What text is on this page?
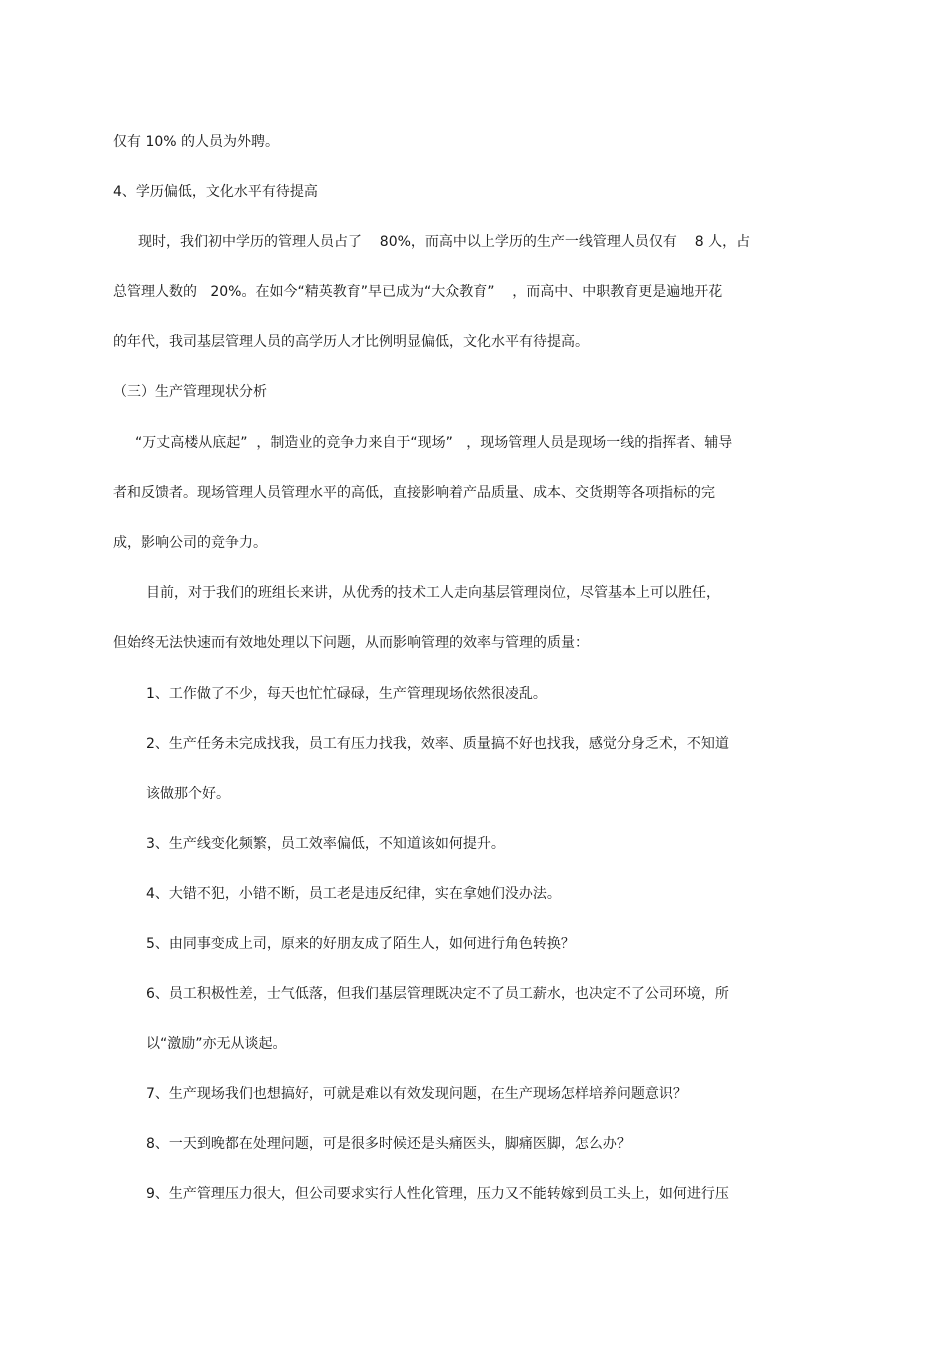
仅有 10% 的人员为外聘。
4、学历偏低，文化水平有待提高
现时，我们初中学历的管理人员占了    80%，而高中以上学历的生产一线管理人员仅有    8 人，占
总管理人数的   20%。在如今“精英教育”早已成为“大众教育”    ，而高中、中职教育更是遍地开花
的年代，我司基层管理人员的高学历人才比例明显偏低，文化水平有待提高。
（三）生产管理现状分析
“万丈高楼从底起”  ，制造业的竞争力来自于“现场”   ，现场管理人员是现场一线的指挥者、辅导
者和反馈者。现场管理人员管理水平的高低，直接影响着产品质量、成本、交货期等各项指标的完
成，影响公司的竞争力。
目前，对于我们的班组长来讲，从优秀的技术工人走向基层管理岗位，尽管基本上可以胜任，
但始终无法快速而有效地处理以下问题，从而影响管理的效率与管理的质量：
1、工作做了不少，每天也忙忙碌碌，生产管理现场依然很凌乱。
2、生产任务未完成找我，员工有压力找我，效率、质量搞不好也找我，感觉分身乏术，不知道
该做那个好。
3、生产线变化频繁，员工效率偏低，不知道该如何提升。
4、大错不犯，小错不断，员工老是违反纪律，实在拿她们没办法。
5、由同事变成上司，原来的好朋友成了陌生人，如何进行角色转换？
6、员工积极性差，士气低落，但我们基层管理既决定不了员工薪水，也决定不了公司环境，所
以“激励”亦无从谈起。
7、生产现场我们也想搞好，可就是难以有效发现问题，在生产现场怎样培养问题意识？
8、一天到晚都在处理问题，可是很多时候还是头痛医头，脚痛医脚，怎么办？
9、生产管理压力很大，但公司要求实行人性化管理，压力又不能转嫁到员工头上，如何进行压
